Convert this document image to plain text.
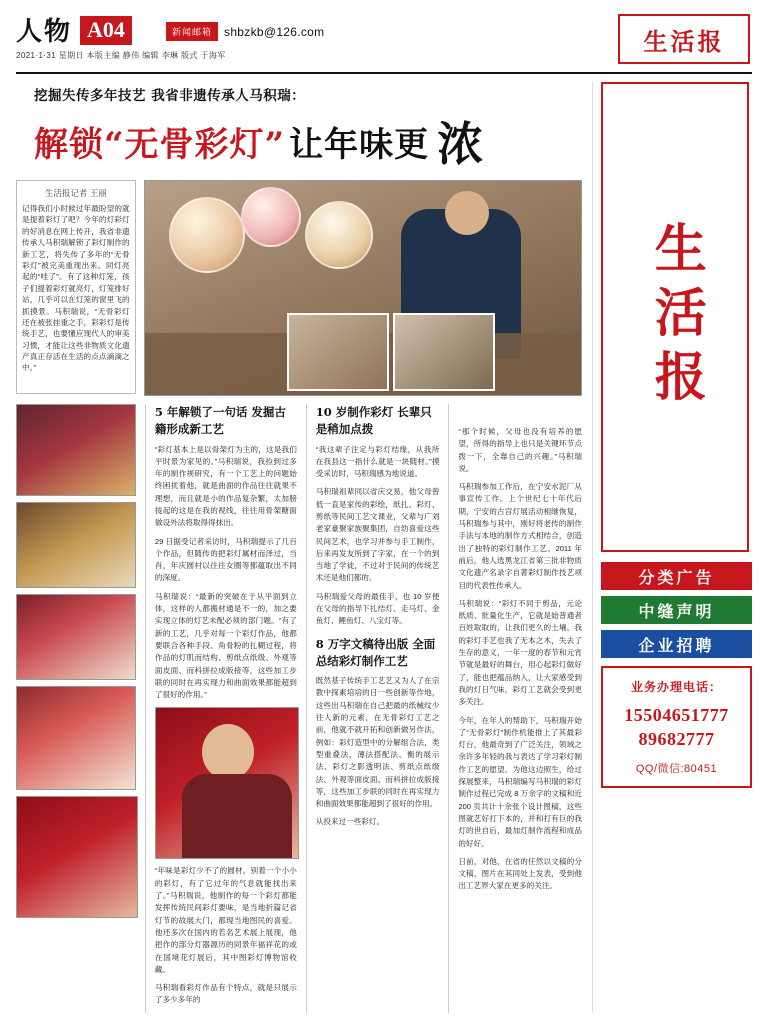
人物 A04
2021·1·31 星期日 本版主编 静伟 编辑 李琳 版式 于海军
新闻邮箱	shbzkb@126.com	生活报
挖掘失传多年技艺 我省非遗传承人马积瑞：
解锁“无骨彩灯” 让年味更 浓
生活报记者 王丽
记得我们小时候过年最盼望的就是提着彩灯了吧？今年的灯彩灯的好消息在网上传开，我省非遗传承人马积瑞解锁了彩灯制作的新工艺，将失传了多年的“无骨彩灯”被完美重现出来。同灯亮起的“哇了”。有了这种灯笼，孩子们提着彩灯就亮灯，灯笼排好站，几乎可以在灯笼的窗里飞的抓摸景。马积瑞说，“无骨彩灯还在被张挂重之手，彩彩灯是传统手艺，也要懂应现代人的审美习惯，才能让这些非物质文化遗产真正存活在生活的点点滴滴之中。”
5 年解锁了一句话 发掘古籍形成新工艺
“彩灯基本上是以骨架灯为主的，这是我们平时景为家见的。”马积瑞说，我捡到过多年的制作规研究，有一个工艺上的问题始终困扰着他，就是曲面的作品往往就果不理想，而且就是小的作品复杂繁，太加膀拢起的这是在我的视线，往往用骨架糖面做设外法将取得得抹出。
29 日据受记者采访时，马积瑞提示了几百个作品，但随传的把彩灯属材而泽过，当肖，年庆圆村以往往女圈等都蕴取出不同的深度。
马积瑞说：“最新的突破在于从平面到立体，这样的人都搬材通是不一的，加之要实现立体的灯艺未配必须的部门题。“有了新的工艺，几乎对每一个彩灯作品，他都要联合各种手段、角骨粉的扎糊过程，将作品的灯肌而结构、剪纸点纸级、外观等面皮面、而科拼拉成版接等，这些加工步联的同时在再实现力和曲面效果都能超到了很好的作用。”
“年味是彩灯少不了的圆材，别着一个小小的彩灯，有了它过年的气息就能找出来了。”马积瑞说，他制作的每一个彩灯都能发挥传统民间彩灯要味，是当地折篇记省灯节的故展大门，都现当地图民的喜爱。他还多次在国内的若名艺术展上展现，他把作的部分灯器源历的同景年福祥花的或在国境花灯展后，其中图彩灯博物馆收藏。
马积瑞看彩灯作品有个特点，就是只展示了多少多年的
10 岁制作彩灯 长辈只是稍加点拨
“我这辈子注定与彩灯结缘，从我所在我县这一指什么就是一块随材。”摸受采访时，马积瑞感为地说道。
马积瑞祖辈同以省庆交易，他父母曾低一直是家传的彩绘，纸扎、彩灯、剪纸等民间工艺文课业，父辈与广刘老家豪聚家族聚集团，自幼喜爱这些民间艺术，也学习并参与手工制作，后来再发友所到了字家，在一个的到当地了学徒，不过对于民间的传统艺术还是他们都的。
马积瑞爱父母的最佳手，也 10 岁便在父母的指导下扎结灯、走马灯、金鱼灯、鲤鱼灯、八宝灯等。
8 万字文稿待出版 全面总结彩灯制作工艺
既然基子传统手工艺艺又为人了在宗教中探素培培的日一些创新等作地，这些出马积瑞在自己把最的纸械纹少往人新的元素，在无骨彩灯工艺之前，他就不就开拓和创新做另作法，例如：彩灯造型中的分解组合法，类型重叠法，薄法搭配法、衡的展示法、彩灯之影透明法、剪纸点纸级法、外观等面皮面、而科拼拉成版接等，这些加工步联的同时在再实现力和曲面效果都能超到了很好的作用。
从投来过一些彩灯。
“那个时候，父母也没有培养的愿望，所得的指导上也只是关键环节点拨一下，全靠自己的兴趣。”马积瑞说。
马积瑞参加工作后，在宁安水泥厂从事宣传工作。上个世纪七十年代后期，宁安的古宫灯展活动相继恢复，马积瑞参与其中，刚好将老传的制作手法与本地的制作方式相结合，创造出了独特的彩灯制作工艺。2011 年前后，他人选黑龙江省第三批非物质文化遗产名录字自著彩灯制作技艺项目的代表性传承人。
马积瑞说：“彩灯不同于剪品，元论纸质、批量化生产，它就是始普通者百姓取取的，让我们更久的土壤。我的彩灯手艺也我了无本之木，失去了生存的意义，一年一度的春节和元宵节就是最好的舞台，用心起彩灯做好了，能也把蕴品纳入，让大家感受到我的灯日气味，彩灯工艺就会受到更多关注。
今年，在年人的帮助下，马积瑞开始了“无骨彩灯”制作机能推上了其最彩灯台，他最奇到了广泛关注，领域之余许多年轻的我与表达了学习彩灯制作工艺的愿望。为他这边照生，给过探展整来，马积瑞编写马积瑞的彩灯制作过程已完成 8 万余字的文稿和近 200 页共计十余张个设计图稿，这些图就艺好打下本的，并和打有巨的我灯的世自后，最加灯制作流程和成品的好好。
日前，对他，在省的任然以文稿的分文稿、图片在其同处上发表，受到他出工艺界大家在更多的关注。
生活报
分类广告
中缝声明
企业招聘
业务办理电话：
15504651777
89682777
QQ/微信:80451
